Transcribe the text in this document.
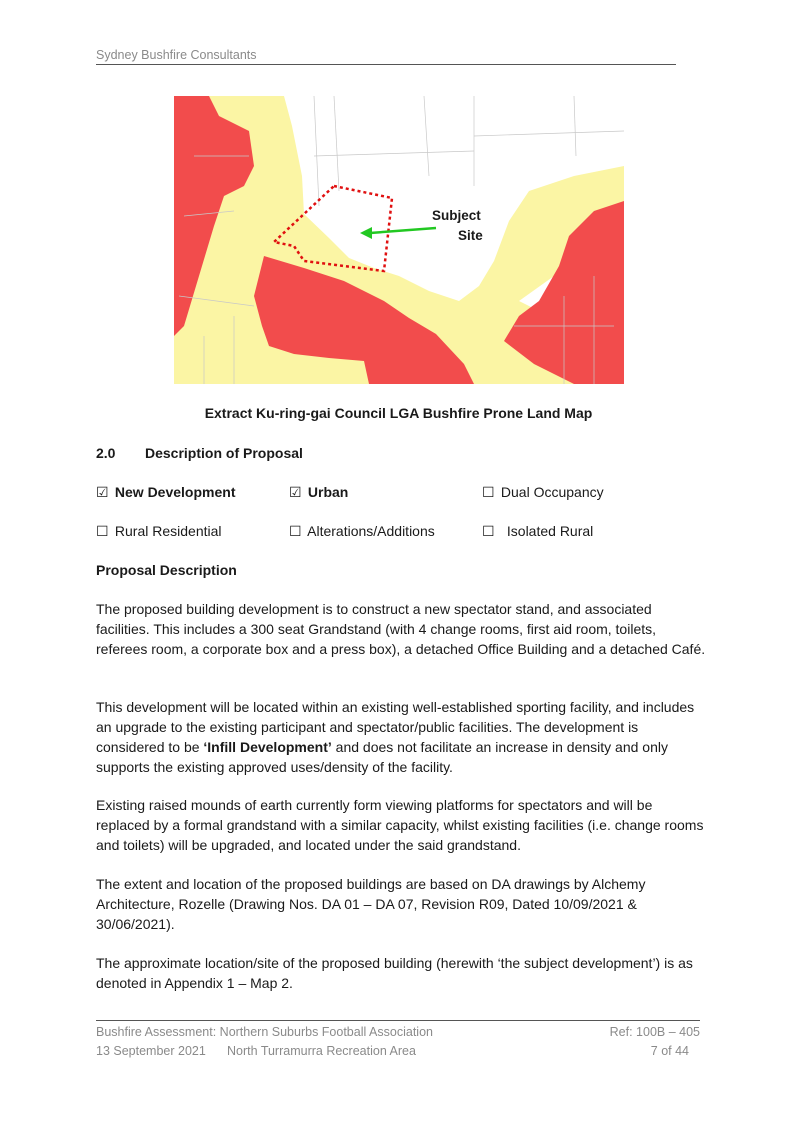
Sydney Bushfire Consultants
Subject
Site
Extract Ku-ring-gai Council LGA Bushfire Prone Land Map
2.0 Description of Proposal
☑ New Development	☑ Urban	☐ Dual Occupancy
☐ Rural Residential	☐ Alterations/Additions	☐ Isolated Rural
Proposal Description
The proposed building development is to construct a new spectator stand, and associated facilities. This includes a 300 seat Grandstand (with 4 change rooms, first aid room, toilets, referees room, a corporate box and a press box), a detached Office Building and a detached Café.
This development will be located within an existing well-established sporting facility, and includes an upgrade to the existing participant and spectator/public facilities. The development is considered to be ‘Infill Development’ and does not facilitate an increase in density and only supports the existing approved uses/density of the facility.
Existing raised mounds of earth currently form viewing platforms for spectators and will be replaced by a formal grandstand with a similar capacity, whilst existing facilities (i.e. change rooms and toilets) will be upgraded, and located under the said grandstand.
The extent and location of the proposed buildings are based on DA drawings by Alchemy Architecture, Rozelle (Drawing Nos. DA 01 – DA 07, Revision R09, Dated 10/09/2021 & 30/06/2021).
The approximate location/site of the proposed building (herewith ‘the subject development’) is as denoted in Appendix 1 – Map 2.
Bushfire Assessment: Northern Suburbs Football Association
13 September 2021 North Turramurra Recreation Area
Ref: 100B – 405
7 of 44
